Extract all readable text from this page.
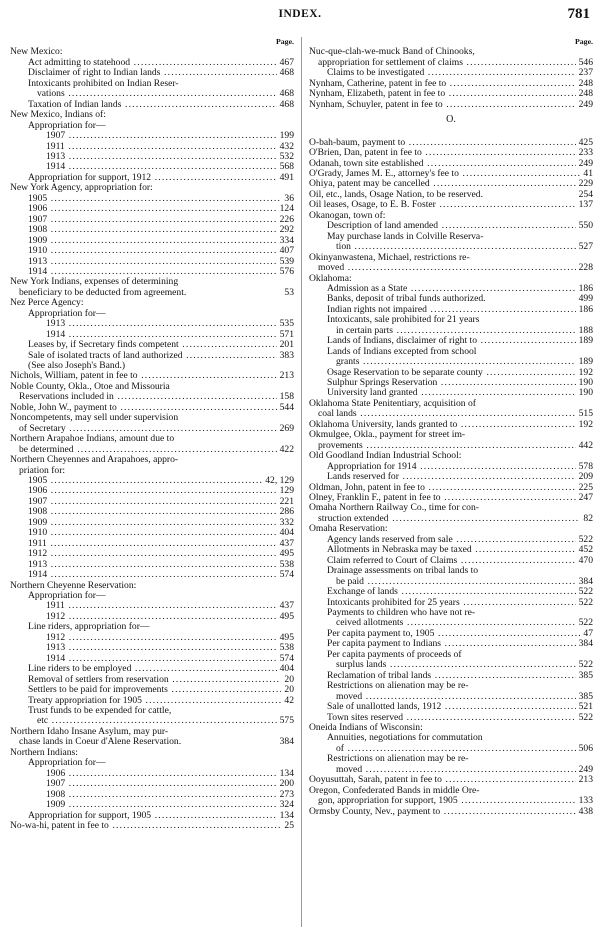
INDEX.	781
Page.
New Mexico:
Act admitting to statehood .....	467
Disclaimer of right to Indian lands .....	468
Intoxicants prohibited on Indian Reser-
vations .....	468
Taxation of Indian lands .....	468
New Mexico, Indians of:
Appropriation for—
1907 .....	199
1911 .....	432
1913 .....	532
1914 .....	568
Appropriation for support, 1912 .....	491
New York Agency, appropriation for:
1905 .....	36
1906 .....	124
1907 .....	226
1908 .....	292
1909 .....	334
1910 .....	407
1913 .....	539
1914 .....	576
New York Indians, expenses of determining
beneficiary to be deducted from agreement.	53
Nez Perce Agency:
Appropriation for—
1913 .....	535
1914 .....	571
Leases by, if Secretary finds competent .....	201
Sale of isolated tracts of land authorized .....	383
(See also Joseph's Band.)
Nichols, William, patent in fee to .....	213
Noble County, Okla., Otoe and Missouria
Reservations included in .....	158
Noble, John W., payment to .....	544
Noncompetents, may sell under supervision
of Secretary .....	269
Northern Arapahoe Indians, amount due to
be determined .....	422
Northern Cheyennes and Arapahoes, appro-
priation for:
1905 .....	42, 129
1906 .....	129
1907 .....	221
1908 .....	286
1909 .....	332
1910 .....	404
1911 .....	437
1912 .....	495
1913 .....	538
1914 .....	574
Northern Cheyenne Reservation:
Appropriation for—
1911 .....	437
1912 .....	495
Line riders, appropriation for—
1912 .....	495
1913 .....	538
1914 .....	574
Line riders to be employed .....	404
Removal of settlers from reservation .....	20
Settlers to be paid for improvements .....	20
Treaty appropriation for 1905 .....	42
Trust funds to be expended for cattle,
etc .....	575
Northern Idaho Insane Asylum, may pur-
chase lands in Coeur d'Alene Reservation.	384
Northern Indians:
Appropriation for—
1906 .....	134
1907 .....	200
1908 .....	273
1909 .....	324
Appropriation for support, 1905 .....	134
No-wa-hi, patent in fee to .....	25
Page.
Nuc-que-clah-we-muck Band of Chinooks,
appropriation for settlement of claims .....	546
Claims to be investigated .....	237
Nynham, Catherine, patent in fee to .....	248
Nynham, Elizabeth, patent in fee to .....	248
Nynham, Schuyler, patent in fee to .....	249
O.
O-bah-baum, payment to .....	425
O'Brien, Dan, patent in fee to .....	233
Odanah, town site established .....	249
O'Grady, James M. E., attorney's fee to .....	41
Ohiya, patent may be cancelled .....	229
Oil, etc., lands, Osage Nation, to be reserved.	254
Oil leases, Osage, to E. B. Foster .....	137
Okanogan, town of:
Description of land amended .....	550
May purchase lands in Colville Reserva-
tion .....	527
Okinyanwastena, Michael, restrictions re-
moved .....	228
Oklahoma:
Admission as a State .....	186
Banks, deposit of tribal funds authorized.	499
Indian rights not impaired .....	186
Intoxicants, sale prohibited for 21 years
in certain parts .....	188
Lands of Indians, disclaimer of right to .....	189
Lands of Indians excepted from school
grants .....	189
Osage Reservation to be separate county .....	192
Sulphur Springs Reservation .....	190
University land granted .....	190
Oklahoma State Penitentiary, acquisition of
coal lands .....	515
Oklahoma University, lands granted to .....	192
Okmulgee, Okla., payment for street im-
provements .....	442
Old Goodland Indian Industrial School:
Appropriation for 1914 .....	578
Lands reserved for .....	209
Oldman, John, patent in fee to .....	225
Olney, Franklin F., patent in fee to .....	247
Omaha Northern Railway Co., time for con-
struction extended .....	82
Omaha Reservation:
Agency lands reserved from sale .....	522
Allotments in Nebraska may be taxed .....	452
Claim referred to Court of Claims .....	470
Drainage assessments on tribal lands to
be paid .....	384
Exchange of lands .....	522
Intoxicants prohibited for 25 years .....	522
Payments to children who have not re-
ceived allotments .....	522
Per capita payment to, 1905 .....	47
Per capita payment to Indians .....	384
Per capita payments of proceeds of
surplus lands .....	522
Reclamation of tribal lands .....	385
Restrictions on alienation may be re-
moved .....	385
Sale of unallotted lands, 1912 .....	521
Town sites reserved .....	522
Oneida Indians of Wisconsin:
Annuities, negotiations for commutation
of .....	506
Restrictions on alienation may be re-
moved .....	249
Ooyusuttah, Sarah, patent in fee to .....	213
Oregon, Confederated Bands in middle Ore-
gon, appropriation for support, 1905 .....	133
Ormsby County, Nev., payment to .....	438
